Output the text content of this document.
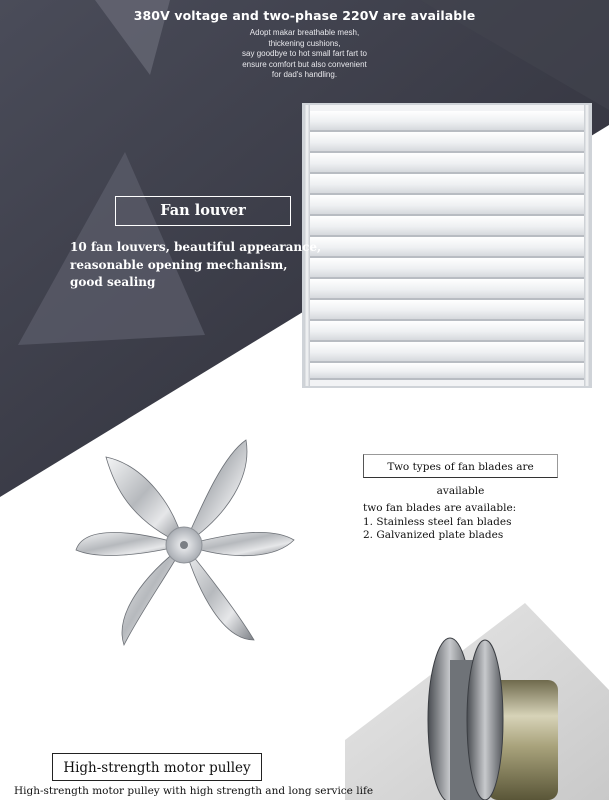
380V voltage and two-phase 220V are available
Adopt makar breathable mesh,
thickening cushions,
say goodbye to hot small fart fart to
ensure comfort but also convenient
for dad's handling.
Fan louver
10 fan louvers, beautiful appearance,
reasonable opening mechanism,
good sealing
Two types of fan blades are available
two fan blades are available:
1. Stainless steel fan blades
2. Galvanized plate blades
High-strength motor pulley
High-strength motor pulley with high strength and long service life
